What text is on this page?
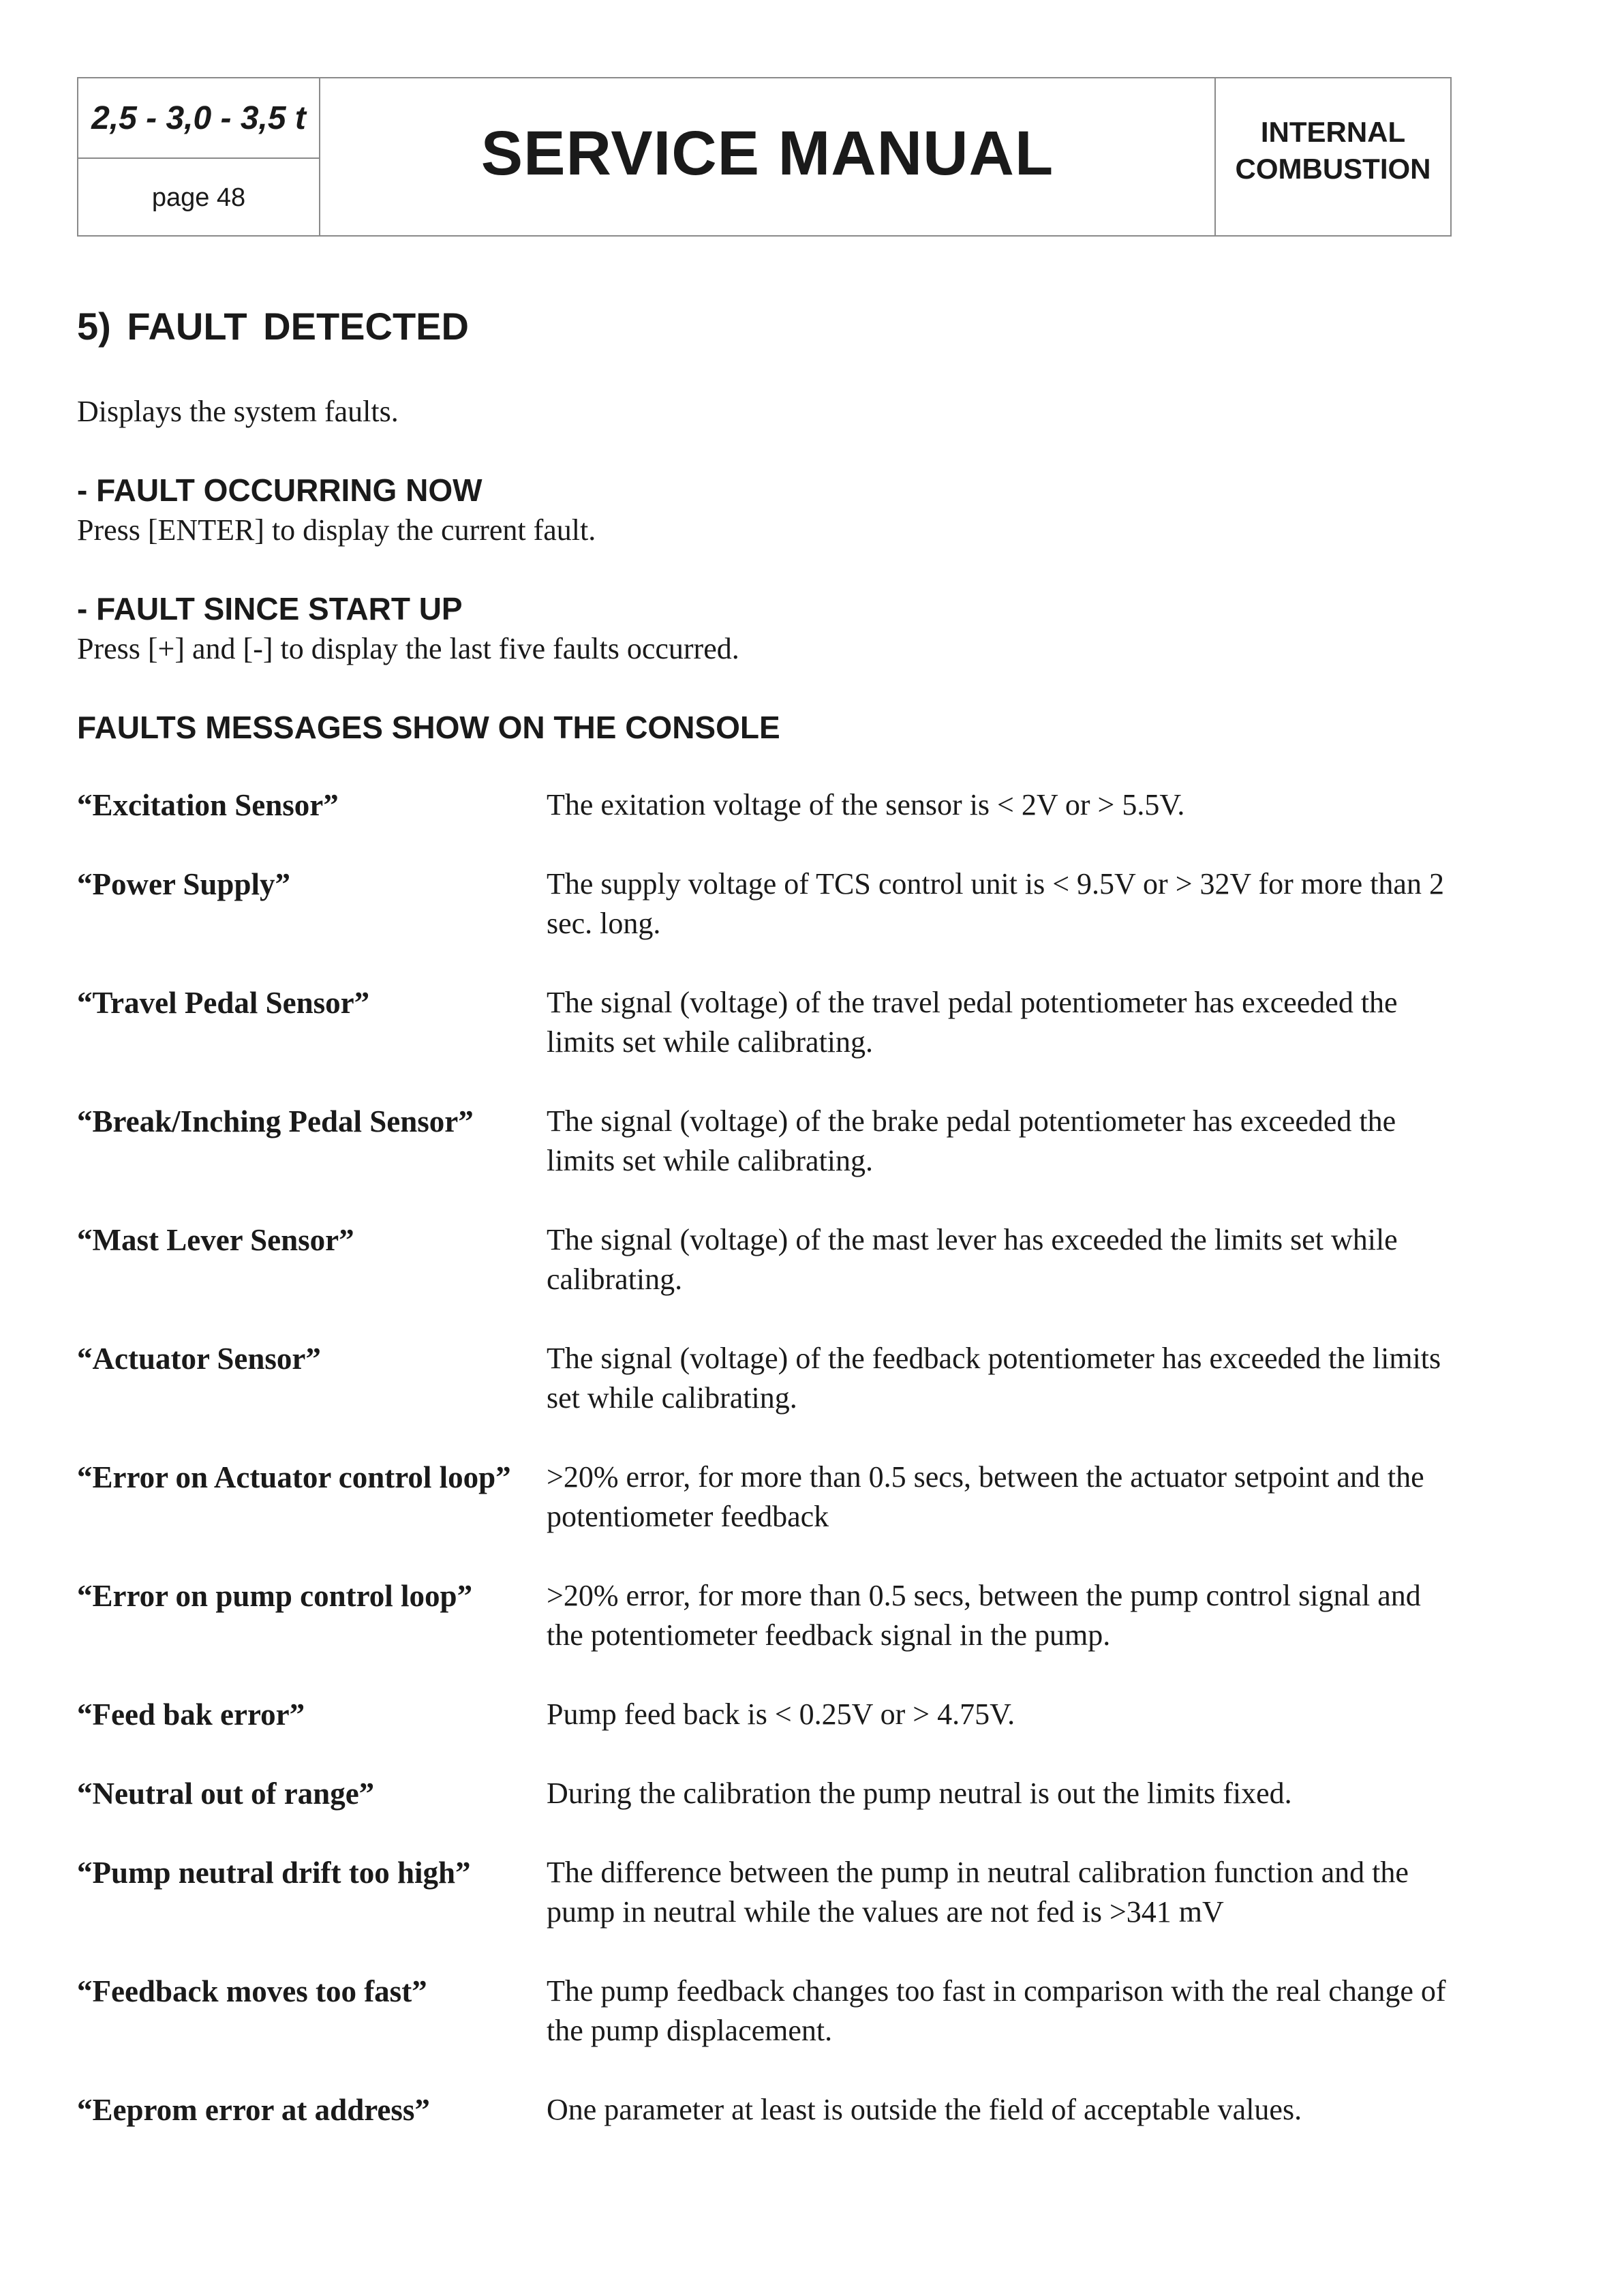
2,5 - 3,0 - 3,5 t
page 48
SERVICE MANUAL	INTERNAL
COMBUSTION
5) FAULT DETECTED
Displays the system faults.
- FAULT OCCURRING NOW
Press [ENTER] to display the current fault.
- FAULT SINCE START UP
Press [+] and [-] to display the last five faults occurred.
FAULTS MESSAGES SHOW ON THE CONSOLE
“Excitation Sensor”	The exitation voltage of the sensor is < 2V or > 5.5V.
“Power Supply”	The supply voltage of TCS control unit is < 9.5V or > 32V for more than 2 sec. long.
“Travel Pedal Sensor”	The signal (voltage) of the travel pedal potentiometer has exceeded the limits set while calibrating.
“Break/Inching Pedal Sensor” The signal (voltage) of the brake pedal potentiometer has exceeded the limits set while calibrating.
“Mast Lever Sensor”	The signal (voltage) of the mast lever has exceeded the limits set while calibrating.
“Actuator Sensor”	The signal (voltage) of the feedback potentiometer has exceeded the limits set while calibrating.
“Error on Actuator control loop” >20% error, for more than 0.5 secs, between the actuator setpoint and the potentiometer feedback
“Error on pump control loop” >20% error, for more than 0.5 secs, between the pump control signal and the potentiometer feedback signal in the pump.
“Feed bak error”	Pump feed back is < 0.25V or > 4.75V.
“Neutral out of range”	During the calibration the pump neutral is out the limits fixed.
“Pump neutral drift too high”	The difference between the pump in neutral calibration function and the pump in neutral while the values are not fed is >341 mV
“Feedback moves too fast”	The pump feedback changes too fast in comparison with the real change of the pump displacement.
“Eeprom error at address”	One parameter at least is outside the field of acceptable values.
